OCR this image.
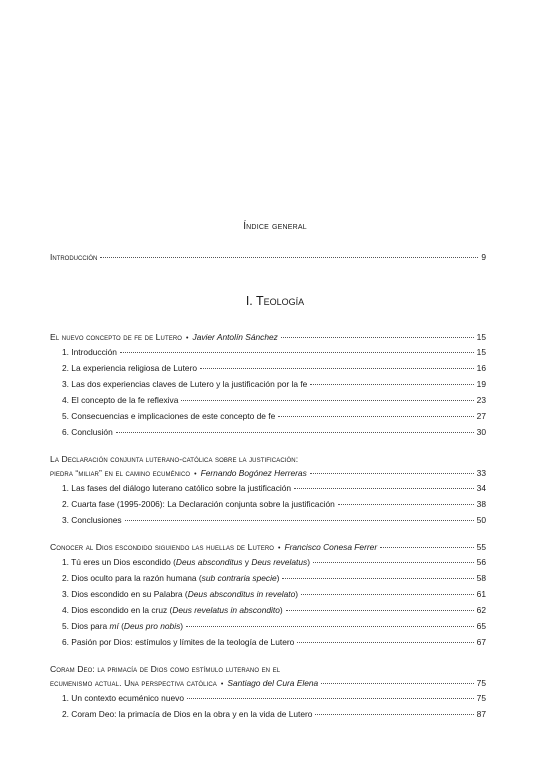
Índice general
Introducción	9
I. Teología
El nuevo concepto de fe de Lutero • Javier Antolín Sánchez	15
1. Introducción	15
2. La experiencia religiosa de Lutero	16
3. Las dos experiencias claves de Lutero y la justificación por la fe	19
4. El concepto de la fe reflexiva	23
5. Consecuencias e implicaciones de este concepto de fe	27
6. Conclusión	30
La Declaración conjunta luterano-católica sobre la justificación:
piedra “miliar” en el camino ecuménico • Fernando Bogónez Herreras	33
1. Las fases del diálogo luterano católico sobre la justificación	34
2. Cuarta fase (1995-2006): La Declaración conjunta sobre la justificación	38
3. Conclusiones	50
Conocer al Dios escondido siguiendo las huellas de Lutero • Francisco Conesa Ferrer	55
1. Tú eres un Dios escondido (Deus absconditus y Deus revelatus)	56
2. Dios oculto para la razón humana (sub contraria specie)	58
3. Dios escondido en su Palabra (Deus absconditus in revelato)	61
4. Dios escondido en la cruz (Deus revelatus in abscondito)	62
5. Dios para mí (Deus pro nobis)	65
6. Pasión por Dios: estímulos y límites de la teología de Lutero	67
Coram Deo: la primacía de Dios como estímulo luterano en el
ecumenismo actual. Una perspectiva católica • Santiago del Cura Elena	75
1. Un contexto ecuménico nuevo	75
2. Coram Deo: la primacía de Dios en la obra y en la vida de Lutero	87
